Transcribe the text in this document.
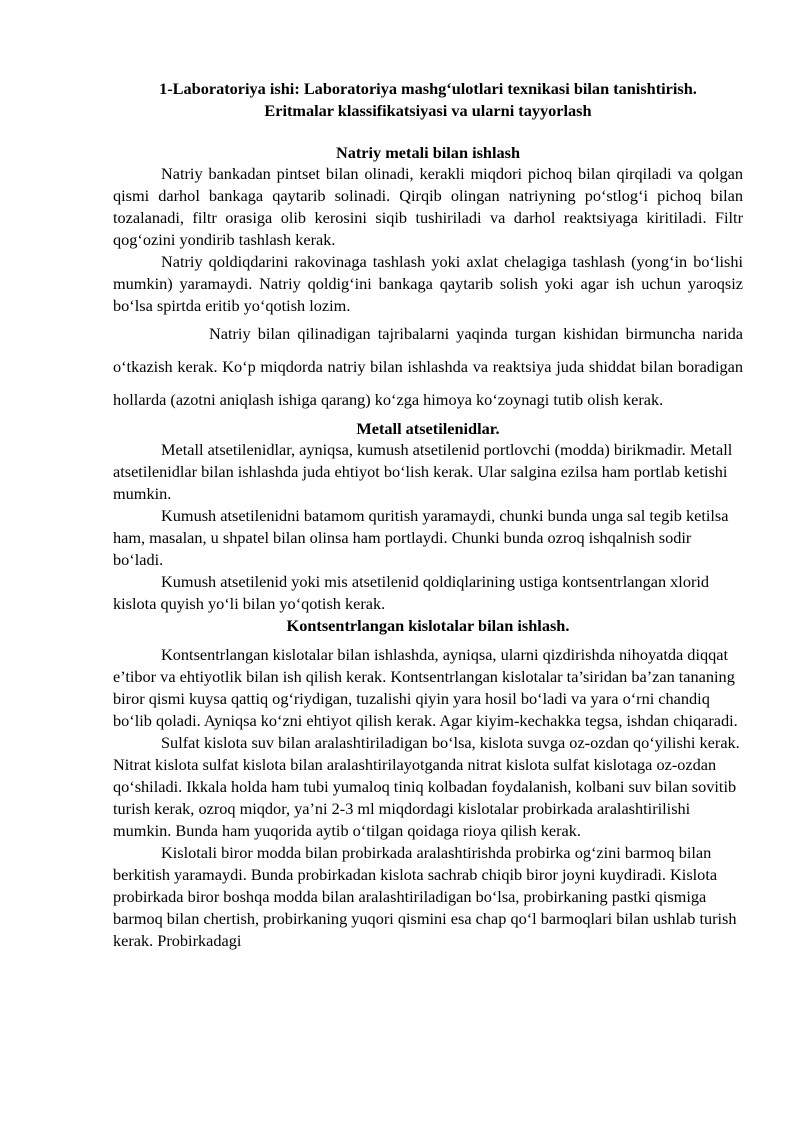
1-Laboratoriya ishi: Laboratoriya mashg‘ulotlari texnikasi bilan tanishtirish.
Eritmalar klassifikatsiyasi va ularni tayyorlash

Natriy metali bilan ishlash

Natriy bankadan pintset bilan olinadi, kerakli miqdori pichoq bilan qirqiladi va qolgan qismi darhol bankaga qaytarib solinadi. Qirqib olingan natriyning po‘stlog‘i pichoq bilan tozalanadi, filtr orasiga olib kerosini siqib tushiriladi va darhol reaktsiyaga kiritiladi. Filtr qog‘ozini yondirib tashlash kerak.

Natriy qoldiqdarini rakovinaga tashlash yoki axlat chelagiga tashlash (yong‘in bo‘lishi mumkin) yaramaydi. Natriy qoldig‘ini bankaga qaytarib solish yoki agar ish uchun yaroqsiz bo‘lsa spirtda eritib yo‘qotish lozim.

Natriy bilan qilinadigan tajribalarni yaqinda turgan kishidan birmuncha narida o‘tkazish kerak. Ko‘p miqdorda natriy bilan ishlashda va reaktsiya juda shiddat bilan boradigan hollarda (azotni aniqlash ishiga qarang) ko‘zga himoya ko‘zoynagi tutib olish kerak.

Metall atsetilenidlar.

Metall atsetilenidlar, ayniqsa, kumush atsetilenid portlovchi (modda) birikmadir. Metall atsetilenidlar bilan ishlashda juda ehtiyot bo‘lish kerak. Ular salgina ezilsa ham portlab ketishi mumkin.

Kumush atsetilenidni batamom quritish yaramaydi, chunki bunda unga sal tegib ketilsa ham, masalan, u shpatel bilan olinsa ham portlaydi. Chunki bunda ozroq ishqalnish sodir bo‘ladi.

Kumush atsetilenid yoki mis atsetilenid qoldiqlarining ustiga kontsentrlangan xlorid kislota quyish yo‘li bilan yo‘qotish kerak.

Kontsentrlangan kislotalar bilan ishlash.

Kontsentrlangan kislotalar bilan ishlashda, ayniqsa, ularni qizdirishda nihoyatda diqqat e’tibor va ehtiyotlik bilan ish qilish kerak. Kontsentrlangan kislotalar ta’siridan ba’zan tananing biror qismi kuysa qattiq og‘riydigan, tuzalishi qiyin yara hosil bo‘ladi va yara o‘rni chandiq bo‘lib qoladi. Ayniqsa ko‘zni ehtiyot qilish kerak. Agar kiyim-kechakka tegsa, ishdan chiqaradi.

Sulfat kislota suv bilan aralashtiriladigan bo‘lsa, kislota suvga oz-ozdan qo‘yilishi kerak. Nitrat kislota sulfat kislota bilan aralashtirilayotganda nitrat kislota sulfat kislotaga oz-ozdan qo‘shiladi. Ikkala holda ham tubi yumaloq tiniq kolbadan foydalanish, kolbani suv bilan sovitib turish kerak, ozroq miqdor, ya’ni 2-3 ml miqdordagi kislotalar probirkada aralashtirilishi mumkin. Bunda ham yuqorida aytib o‘tilgan qoidaga rioya qilish kerak.

Kislotali biror modda bilan probirkada aralashtirishda probirka og‘zini barmoq bilan berkitish yaramaydi. Bunda probirkadan kislota sachrab chiqib biror joyni kuydiradi. Kislota probirkada biror boshqa modda bilan aralashtiriladigan bo‘lsa, probirkaning pastki qismiga barmoq bilan chertish, probirkaning yuqori qismini esa chap qo‘l barmoqlari bilan ushlab turish kerak. Probirkadagi
